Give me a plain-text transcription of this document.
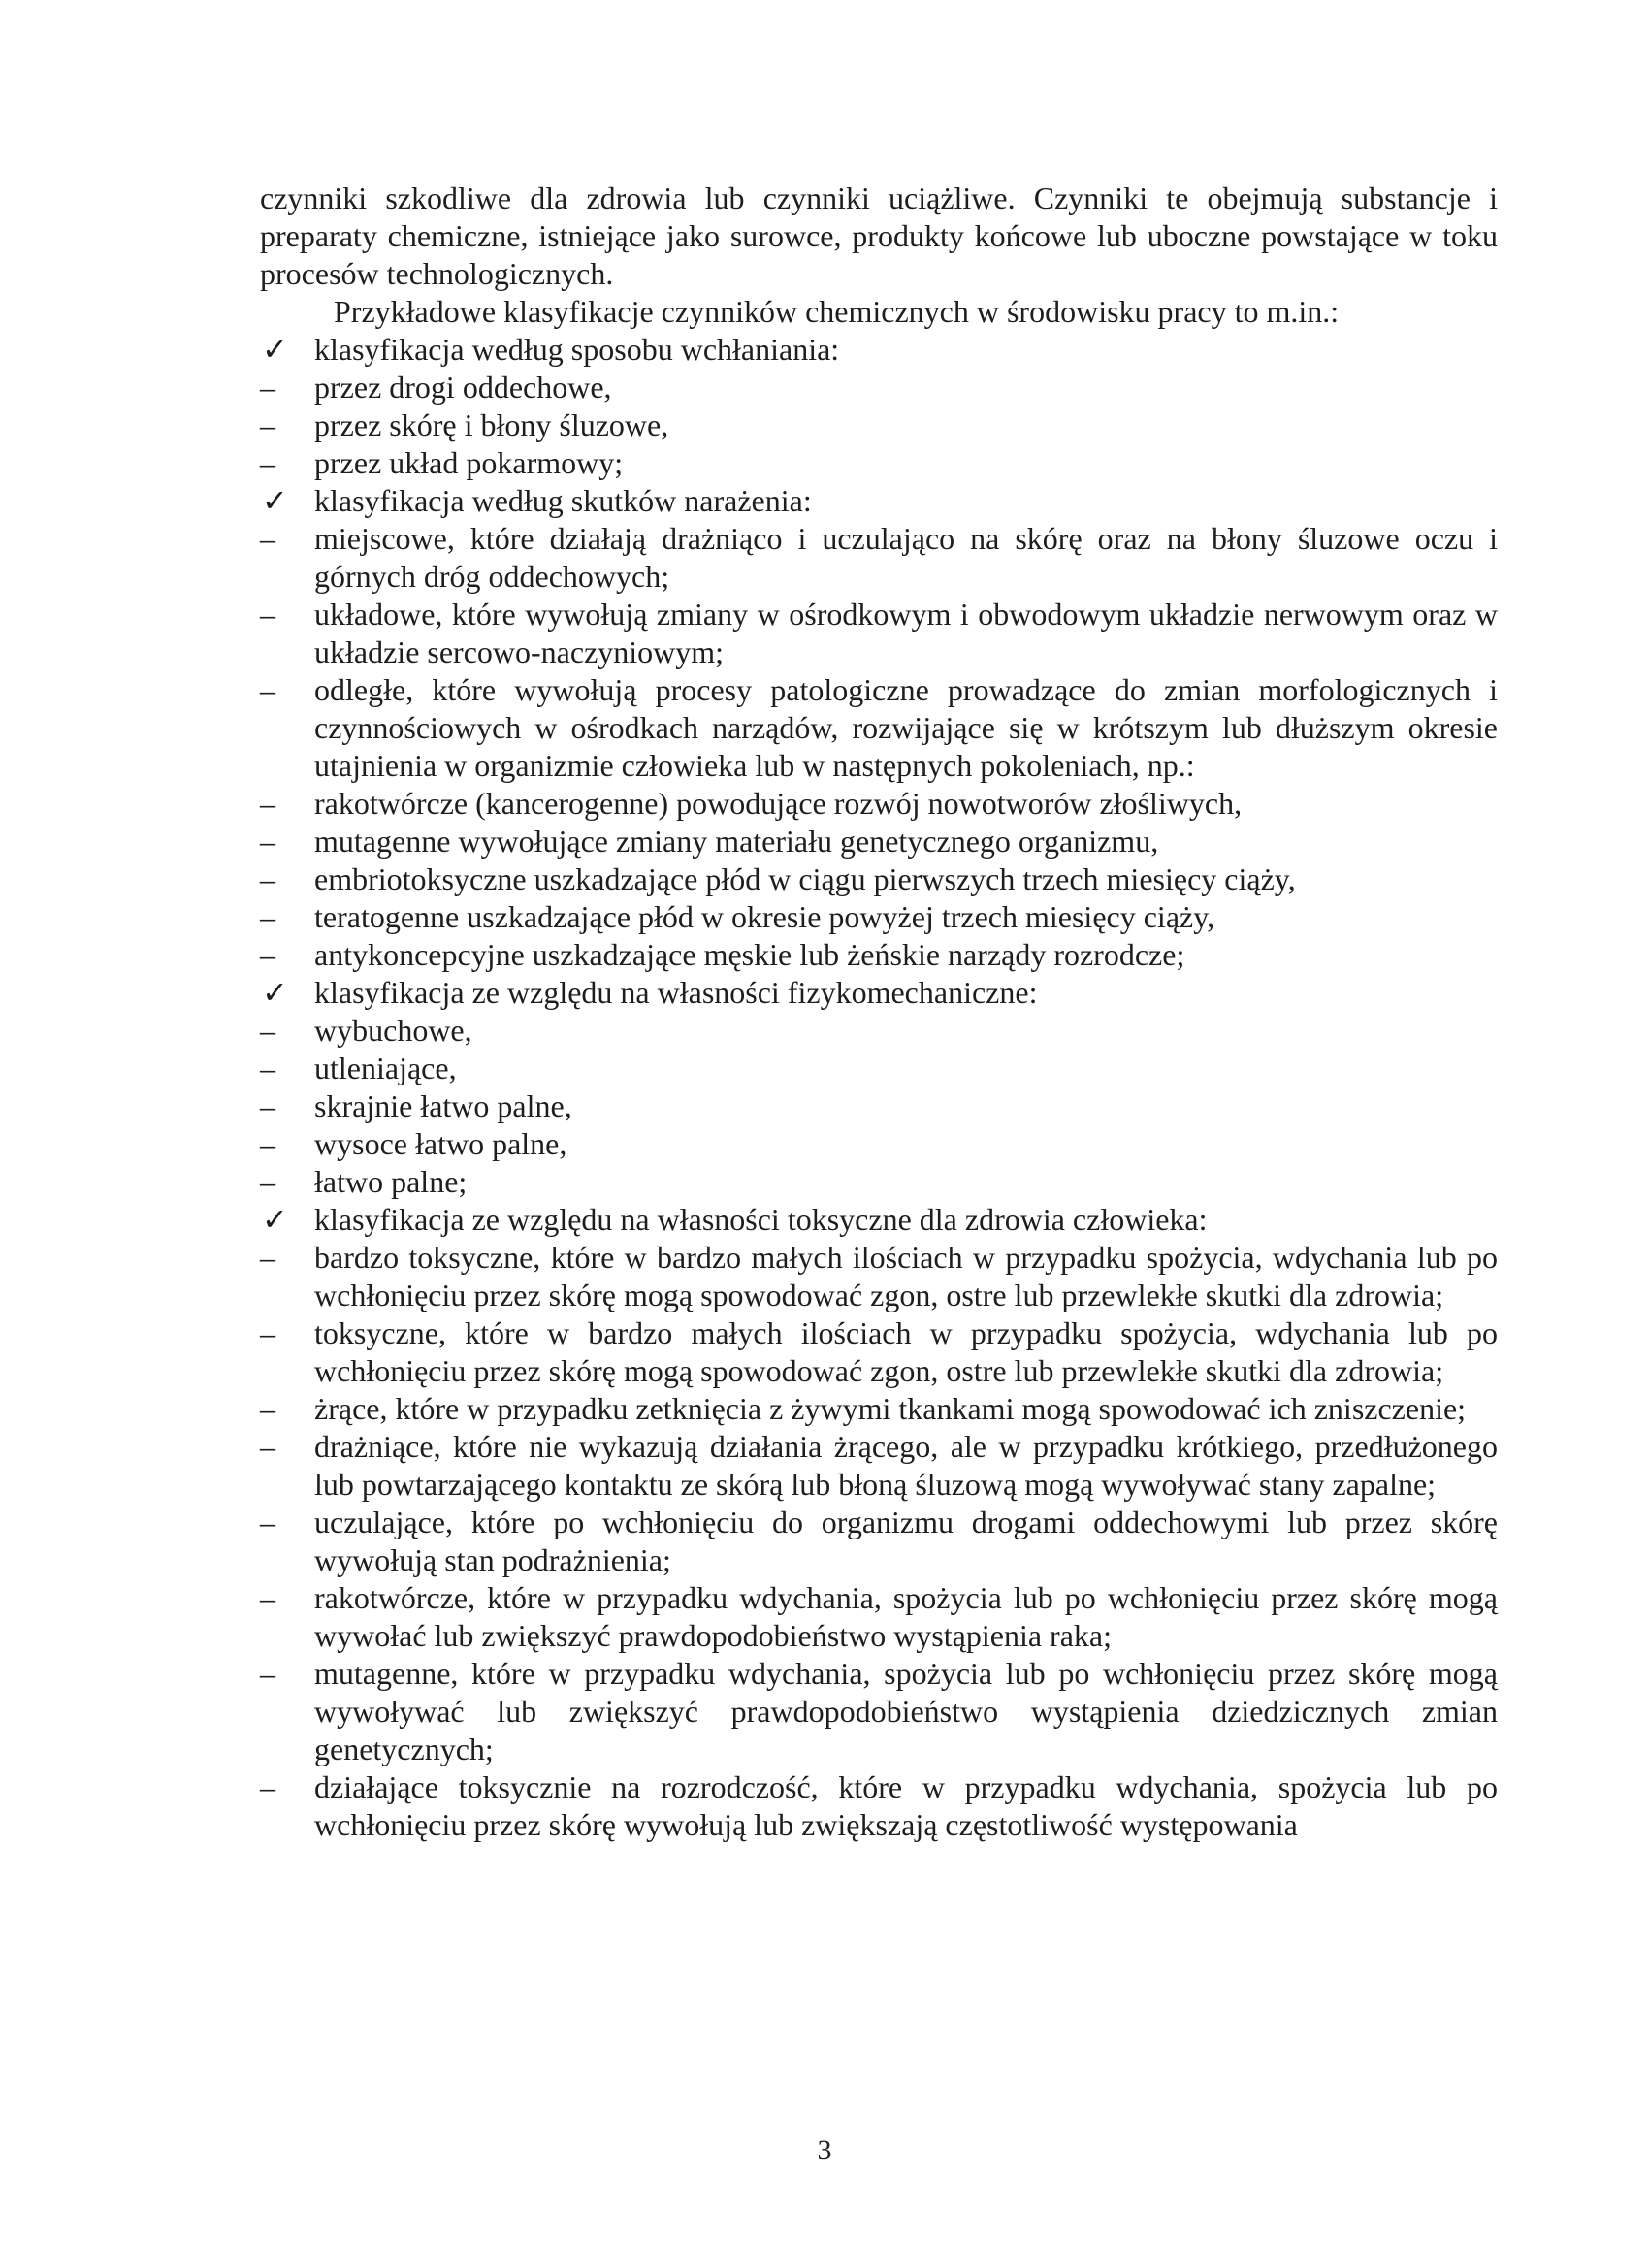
czynniki szkodliwe dla zdrowia lub czynniki uciążliwe. Czynniki te obejmują substancje i preparaty chemiczne, istniejące jako surowce, produkty końcowe lub uboczne powstające w toku procesów technologicznych.

Przykładowe klasyfikacje czynników chemicznych w środowisku pracy to m.in.:

✓ klasyfikacja według sposobu wchłaniania:
–	przez drogi oddechowe,
–	przez skórę i błony śluzowe,
–	przez układ pokarmowy;
✓ klasyfikacja według skutków narażenia:
–	miejscowe, które działają drażniąco i uczulająco na skórę oraz na błony śluzowe oczu i górnych dróg oddechowych;
–	układowe, które wywołują zmiany w ośrodkowym i obwodowym układzie nerwowym oraz w układzie sercowo-naczyniowym;
–	odległe, które wywołują procesy patologiczne prowadzące do zmian morfologicznych i czynnościowych w ośrodkach narządów, rozwijające się w krótszym lub dłuższym okresie utajnienia w organizmie człowieka lub w następnych pokoleniach, np.:
–	rakotwórcze (kancerogenne) powodujące rozwój nowotworów złośliwych,
–	mutagenne wywołujące zmiany materiału genetycznego organizmu,
–	embriotoksyczne uszkadzające płód w ciągu pierwszych trzech miesięcy ciąży,
–	teratogenne uszkadzające płód w okresie powyżej trzech miesięcy ciąży,
–	antykoncepcyjne uszkadzające męskie lub żeńskie narządy rozrodcze;
✓ klasyfikacja ze względu na własności fizykomechaniczne:
–	wybuchowe,
–	utleniające,
–	skrajnie łatwo palne,
–	wysoce łatwo palne,
–	łatwo palne;
✓ klasyfikacja ze względu na własności toksyczne dla zdrowia człowieka:
–	bardzo toksyczne, które w bardzo małych ilościach w przypadku spożycia, wdychania lub po wchłonięciu przez skórę mogą spowodować zgon, ostre lub przewlekłe skutki dla zdrowia;
–	toksyczne, które w bardzo małych ilościach w przypadku spożycia, wdychania lub po wchłonięciu przez skórę mogą spowodować zgon, ostre lub przewlekłe skutki dla zdrowia;
–	żrące, które w przypadku zetknięcia z żywymi tkankami mogą spowodować ich zniszczenie;
–	drażniące, które nie wykazują działania żrącego, ale w przypadku krótkiego, przedłużonego lub powtarzającego kontaktu ze skórą lub błoną śluzową mogą wywoływać stany zapalne;
–	uczulające, które po wchłonięciu do organizmu drogami oddechowymi lub przez skórę wywołują stan podrażnienia;
–	rakotwórcze, które w przypadku wdychania, spożycia lub po wchłonięciu przez skórę mogą wywołać lub zwiększyć prawdopodobieństwo wystąpienia raka;
–	mutagenne, które w przypadku wdychania, spożycia lub po wchłonięciu przez skórę mogą wywoływać lub zwiększyć prawdopodobieństwo wystąpienia dziedzicznych zmian genetycznych;
–	działające toksycznie na rozrodczość, które w przypadku wdychania, spożycia lub po wchłonięciu przez skórę wywołują lub zwiększają częstotliwość występowania
3
